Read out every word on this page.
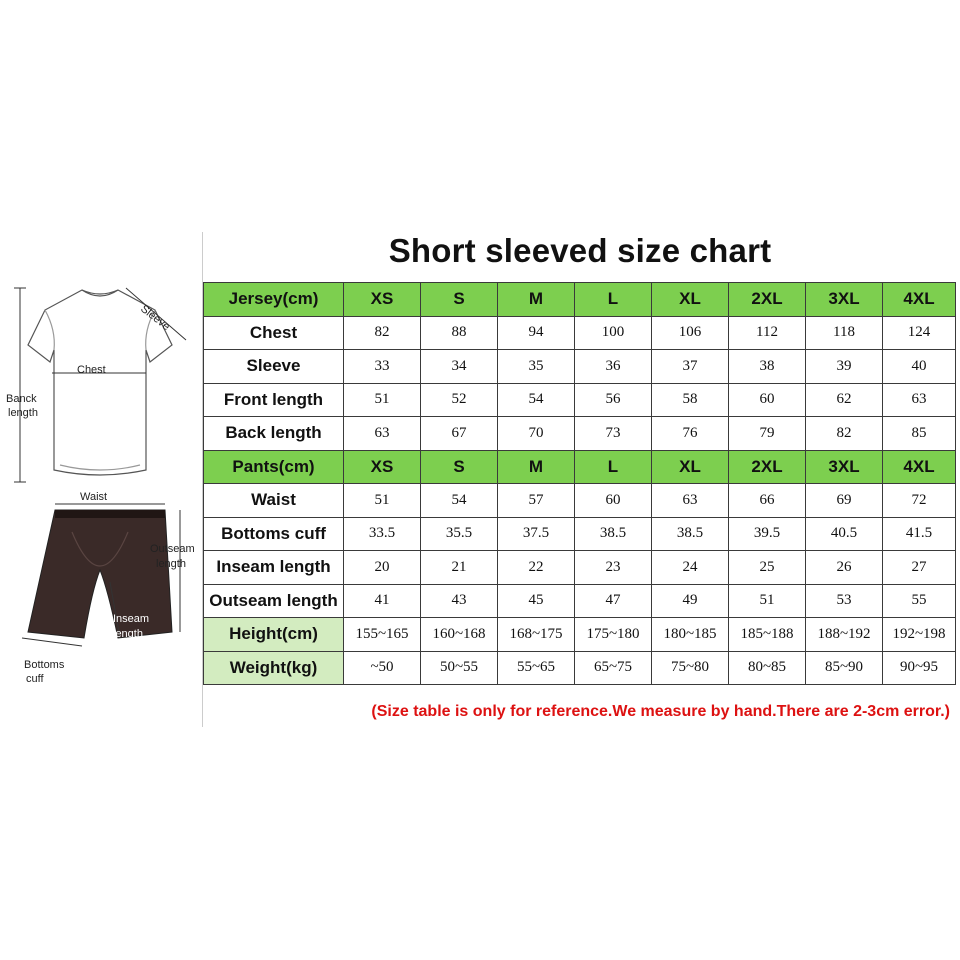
Sleeve
Chest
Banck
length
Waist
Outseam
length
Inseam
length
Bottoms
cuff
Short sleeved size chart
Jersey(cm)	XS	S	M	L	XL	2XL	3XL	4XL
Chest	82	88	94	100	106	112	118	124
Sleeve	33	34	35	36	37	38	39	40
Front length	51	52	54	56	58	60	62	63
Back length	63	67	70	73	76	79	82	85
Pants(cm)	XS	S	M	L	XL	2XL	3XL	4XL
Waist	51	54	57	60	63	66	69	72
Bottoms cuff	33.5	35.5	37.5	38.5	38.5	39.5	40.5	41.5
Inseam length	20	21	22	23	24	25	26	27
Outseam length	41	43	45	47	49	51	53	55
Height(cm)	155~165	160~168	168~175	175~180	180~185	185~188	188~192	192~198
Weight(kg)	~50	50~55	55~65	65~75	75~80	80~85	85~90	90~95
(Size table is only for reference.We measure by hand.There are 2-3cm error.)
